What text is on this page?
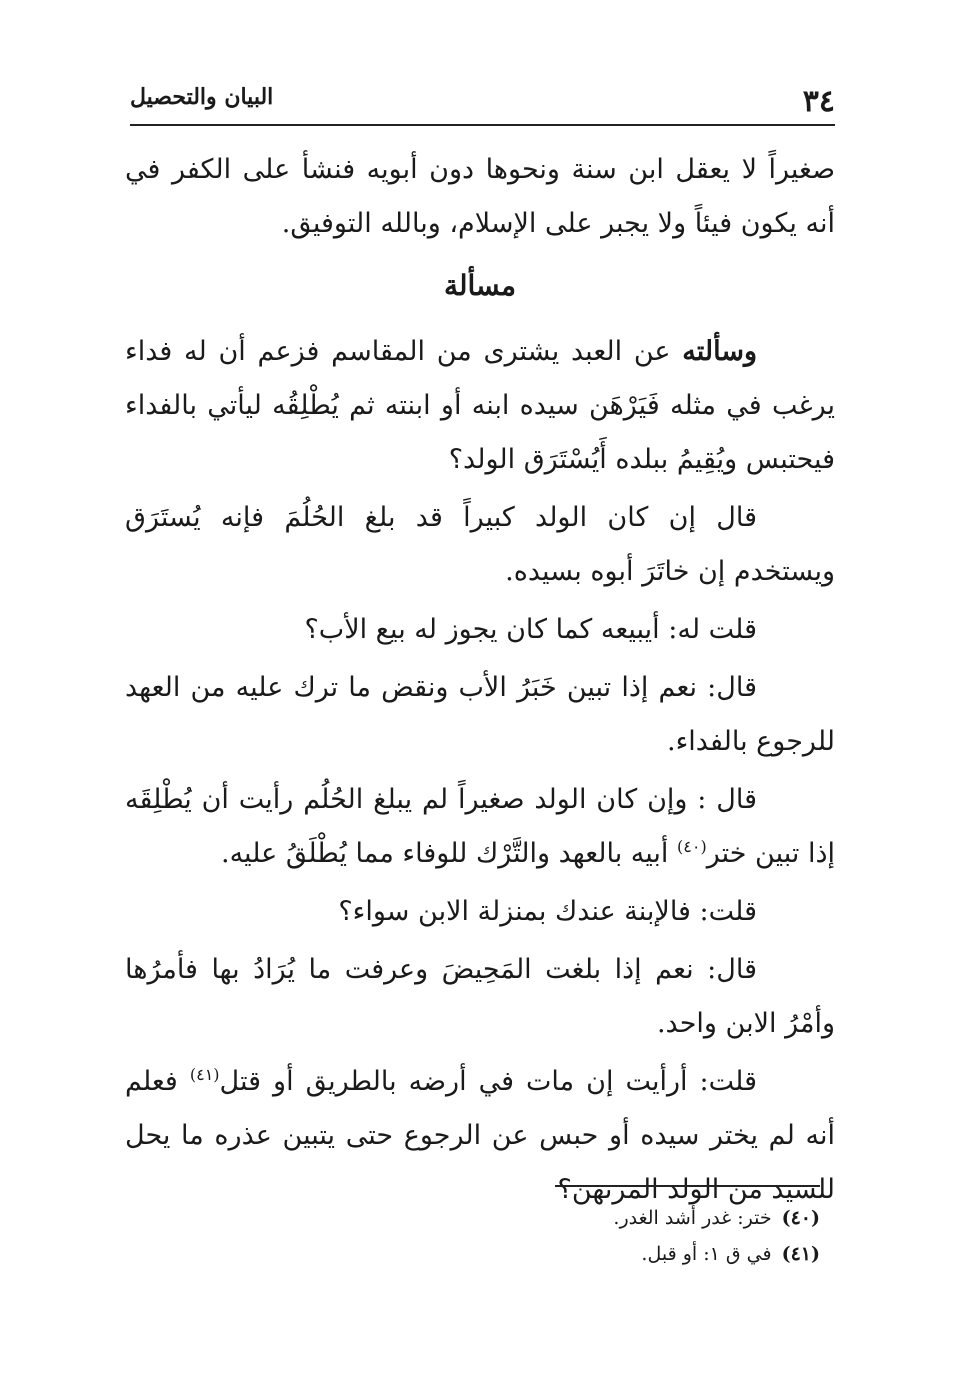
٣٤
البيان والتحصيل

صغيراً لا يعقل ابن سنة ونحوها دون أبويه فنشأ على الكفر في أنه يكون فيئاً ولا يجبر على الإسلام، وبالله التوفيق.

مسألة

وسألته عن العبد يشترى من المقاسم فزعم أن له فداء يرغب في مثله فَيَرْهَن سيده ابنه أو ابنته ثم يُطْلِقُه ليأتي بالفداء فيحتبس ويُقِيمُ ببلده أَيُسْتَرَق الولد؟

قال إن كان الولد كبيراً قد بلغ الحُلُمَ فإنه يُستَرَق ويستخدم إن خاتَرَ أبوه بسيده.

قلت له: أيبيعه كما كان يجوز له بيع الأب؟

قال: نعم إذا تبين خَبَرُ الأب ونقض ما ترك عليه من العهد للرجوع بالفداء.

قال : وإن كان الولد صغيراً لم يبلغ الحُلُم رأيت أن يُطْلِقَه إذا تبين ختر$^{(٤٠)}$ أبيه بالعهد والتَّرْك للوفاء مما يُطْلَقُ عليه.

قلت: فالإبنة عندك بمنزلة الابن سواء؟

قال: نعم إذا بلغت المَحِيضَ وعرفت ما يُرَادُ بها فأمرُها وأمْرُ الابن واحد.

قلت: أرأيت إن مات في أرضه بالطريق أو قتل$^{(٤١)}$ فعلم أنه لم يختر سيده أو حبس عن الرجوع حتى يتبين عذره ما يحل للسيد من الولد المرتهن؟

(٤٠)ختر: غدر أشد الغدر.

(٤١)في ق ١: أو قبل.
